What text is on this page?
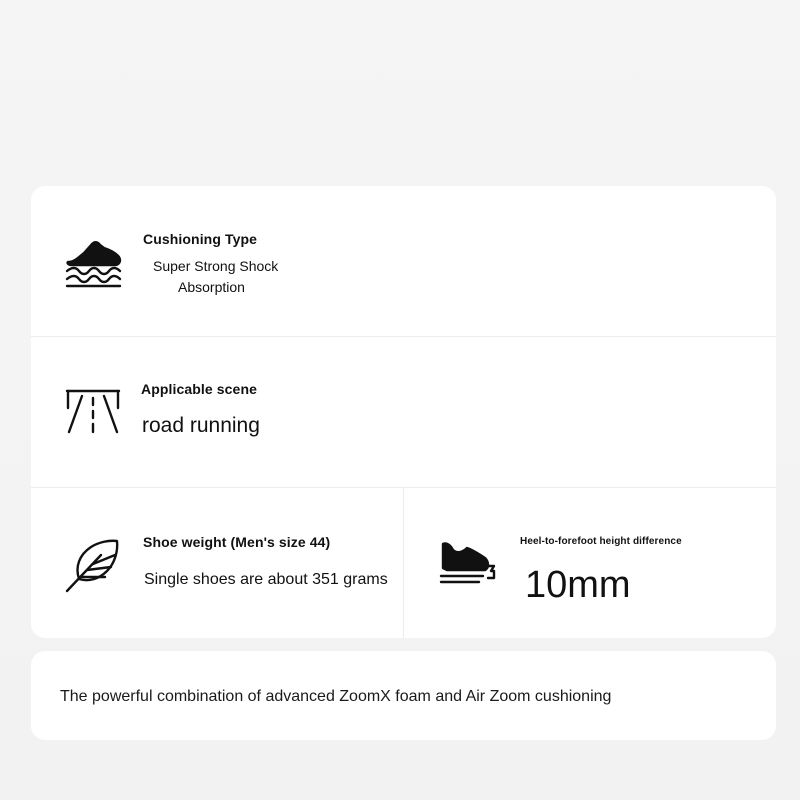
Cushioning Type
Super Strong Shock
Absorption
Applicable scene
road running
Shoe weight (Men's size 44)
Single shoes are about 351 grams
Heel-to-forefoot height difference
10mm
The powerful combination of advanced ZoomX foam and Air Zoom cushioning
